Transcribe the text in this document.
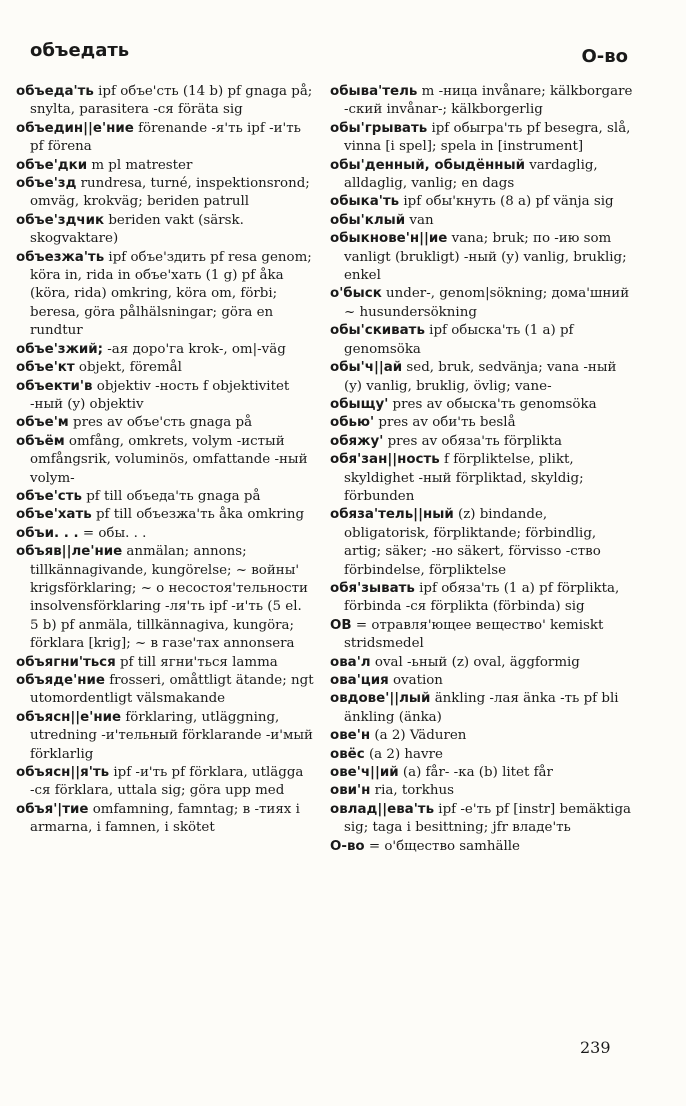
объедать	О-во

объеда'ть ipf объе'сть (14 b) pf gnaga på; snylta, parasitera -ся föräta sig

объедин||е'ние förenande -я'ть ipf -и'ть pf förena

объе'дки m pl matrester

объе'зд rundresa, turné, inspektionsrond; omväg, krokväg; beriden patrull

объе'здчик beriden vakt (särsk. skogvaktare)

объезжа'ть ipf объе'здить pf resa genom; köra in, rida in объе'хать (1 g) pf åka (köra, rida) omkring, köra om, förbi; beresa, göra pålhälsningar; göra en rundtur

объе'зжий; -ая доро'га krok-, om|-väg

объе'кт objekt, föremål

объекти'в objektiv -ность f objektivitet -ный (y) objektiv

объе'м pres av объе'сть gnaga på

объём omfång, omkrets, volym -истый omfångsrik, voluminös, omfattande -ный volym-

объе'сть pf till объеда'ть gnaga på

объе'хать pf till объезжа'ть åka omkring

объи. . . = обы. . .

объяв||ле'ние anmälan; annons; tillkännagivande, kungörelse; ~ войны' krigsförklaring; ~ о несостоя'тельности insolvensförklaring -ля'ть ipf -и'ть (5 el. 5 b) pf anmäla, tillkännagiva, kungöra; förklara [krig]; ~ в газе'тах annonsera

объягни'ться pf till ягни'ться lamma

объяде'ние frosseri, omåttligt ätande; ngt utomordentligt välsmakande

объясн||е'ние förklaring, utläggning, utredning -и'тельный förklarande -и'мый förklarlig

объясн||я'ть ipf -и'ть pf förklara, utlägga -ся förklara, uttala sig; göra upp med

объя'|тие omfamning, famntag; в -тиях i armarna, i famnen, i skötet

обыва'тель m -ница invånare; kälkborgare -ский invånar-; kälkborgerlig

обы'грывать ipf обыгра'ть pf besegra, slå, vinna [i spel]; spela in [instrument]

обы'денный, обыдённый vardaglig, alldaglig, vanlig; en dags

обыка'ть ipf обы'кнуть (8 a) pf vänja sig

обы'клый van

обыкнове'н||ие vana; bruk; по -ию som vanligt (brukligt) -ный (y) vanlig, bruklig; enkel

о'быск under-, genom|sökning; дома'шний ~ husundersökning

обы'скивать ipf обыска'ть (1 a) pf genomsöka

обы'ч||ай sed, bruk, sedvänja; vana -ный (y) vanlig, bruklig, övlig; vane-

обыщу' pres av обыска'ть genomsöka

обью' pres av оби'ть beslå

обяжу' pres av обяза'ть förplikta

обя'зан||ность f förpliktelse, plikt, skyldighet -ный förpliktad, skyldig; förbunden

обяза'тель||ный (z) bindande, obligatorisk, förpliktande; förbindlig, artig; säker; -но säkert, förvisso -ство förbindelse, förpliktelse

обя'зывать ipf обяза'ть (1 a) pf förplikta, förbinda -ся förplikta (förbinda) sig

ОВ = отравля'ющее вещество' kemiskt stridsmedel

ова'л oval -ьный (z) oval, äggformig

ова'ция ovation

овдове'||лый änkling -лая änka -ть pf bli änkling (änka)

ове'н (a 2) Väduren

овёс (a 2) havre

ове'ч||ий (a) får- -ка (b) litet får

ови'н ria, torkhus

овлад||ева'ть ipf -е'ть pf [instr] bemäktiga sig; taga i besittning; jfr владе'ть

О-во = о'бщество samhälle

239
